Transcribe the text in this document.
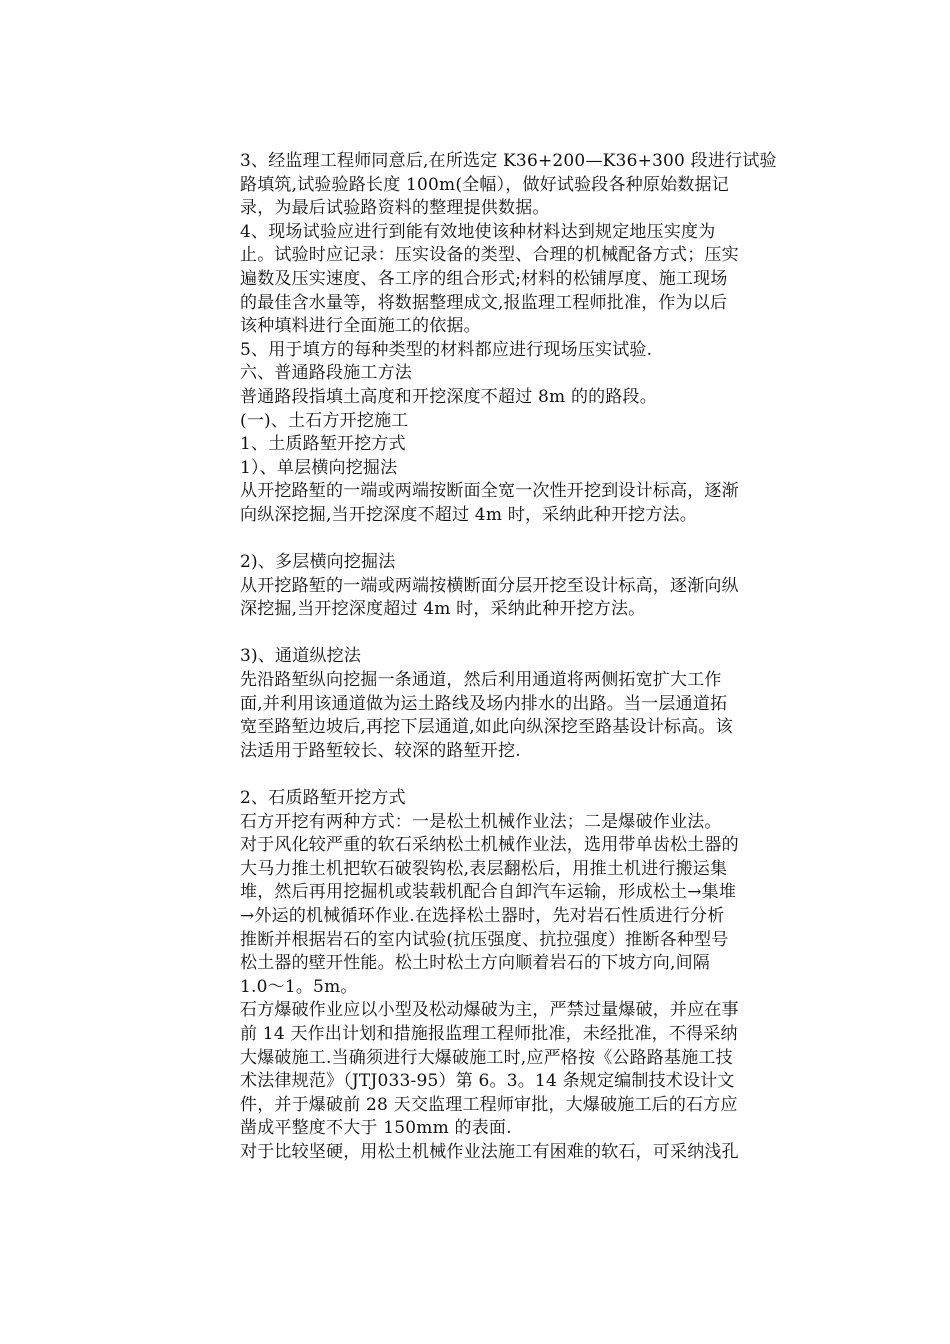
3、经监理工程师同意后,在所选定 K36+200—K36+300 段进行试验
路填筑,试验验路长度 100m(全幅），做好试验段各种原始数据记
录，为最后试验路资料的整理提供数据。
4、现场试验应进行到能有效地使该种材料达到规定地压实度为
止。试验时应记录：压实设备的类型、合理的机械配备方式；压实
遍数及压实速度、各工序的组合形式;材料的松铺厚度、施工现场
的最佳含水量等，将数据整理成文,报监理工程师批准，作为以后
该种填料进行全面施工的依据。
5、用于填方的每种类型的材料都应进行现场压实试验.
六、普通路段施工方法
普通路段指填土高度和开挖深度不超过 8m 的的路段。
(一)、土石方开挖施工
1、土质路堑开挖方式
1）、单层横向挖掘法
从开挖路堑的一端或两端按断面全宽一次性开挖到设计标高，逐渐
向纵深挖掘,当开挖深度不超过 4m 时，采纳此种开挖方法。
2)、多层横向挖掘法
从开挖路堑的一端或两端按横断面分层开挖至设计标高，逐渐向纵
深挖掘,当开挖深度超过 4m 时，采纳此种开挖方法。
3)、通道纵挖法
先沿路堑纵向挖掘一条通道，然后利用通道将两侧拓宽扩大工作
面,并利用该通道做为运土路线及场内排水的出路。当一层通道拓
宽至路堑边坡后,再挖下层通道,如此向纵深挖至路基设计标高。该
法适用于路堑较长、较深的路堑开挖.
2、石质路堑开挖方式
石方开挖有两种方式：一是松土机械作业法；二是爆破作业法。
对于风化较严重的软石采纳松土机械作业法，选用带单齿松土器的
大马力推土机把软石破裂钩松,表层翻松后，用推土机进行搬运集
堆，然后再用挖掘机或装载机配合自卸汽车运输，形成松土→集堆
→外运的机械循环作业.在选择松土器时，先对岩石性质进行分析
推断并根据岩石的室内试验(抗压强度、抗拉强度）推断各种型号
松土器的壁开性能。松土时松土方向顺着岩石的下坡方向,间隔
1.0～1。5m。
石方爆破作业应以小型及松动爆破为主，严禁过量爆破，并应在事
前 14 天作出计划和措施报监理工程师批准，未经批准，不得采纳
大爆破施工.当确须进行大爆破施工时,应严格按《公路路基施工技
术法律规范》（JTJ033-95）第 6。3。14 条规定编制技术设计文
件，并于爆破前 28 天交监理工程师审批，大爆破施工后的石方应
凿成平整度不大于 150mm 的表面.
对于比较坚硬，用松土机械作业法施工有困难的软石，可采纳浅孔
